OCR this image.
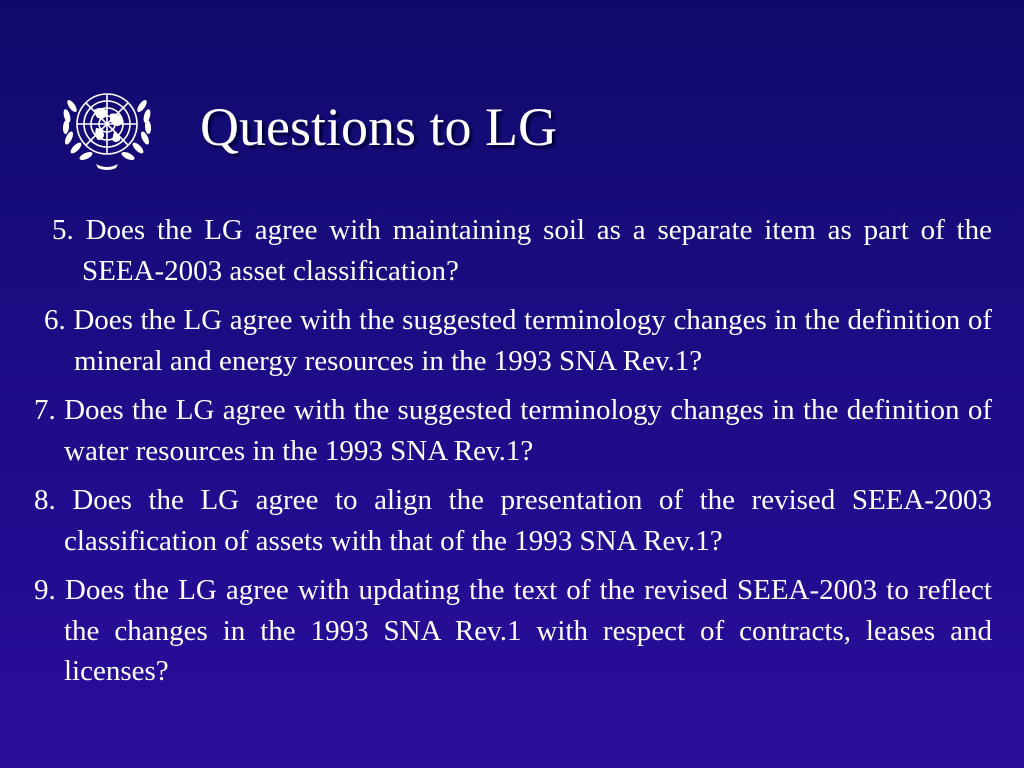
Questions to LG
5. Does the LG agree with maintaining soil as a separate item as part of the SEEA-2003 asset classification?
6. Does the LG agree with the suggested terminology changes in the definition of mineral and energy resources in the 1993 SNA Rev.1?
7. Does the LG agree with the suggested terminology changes in the definition of water resources in the 1993 SNA Rev.1?
8. Does the LG agree to align the presentation of the revised SEEA-2003 classification of assets with that of the 1993 SNA Rev.1?
9. Does the LG agree with updating the text of the revised SEEA-2003 to reflect the changes in the 1993 SNA Rev.1 with respect of contracts, leases and licenses?
